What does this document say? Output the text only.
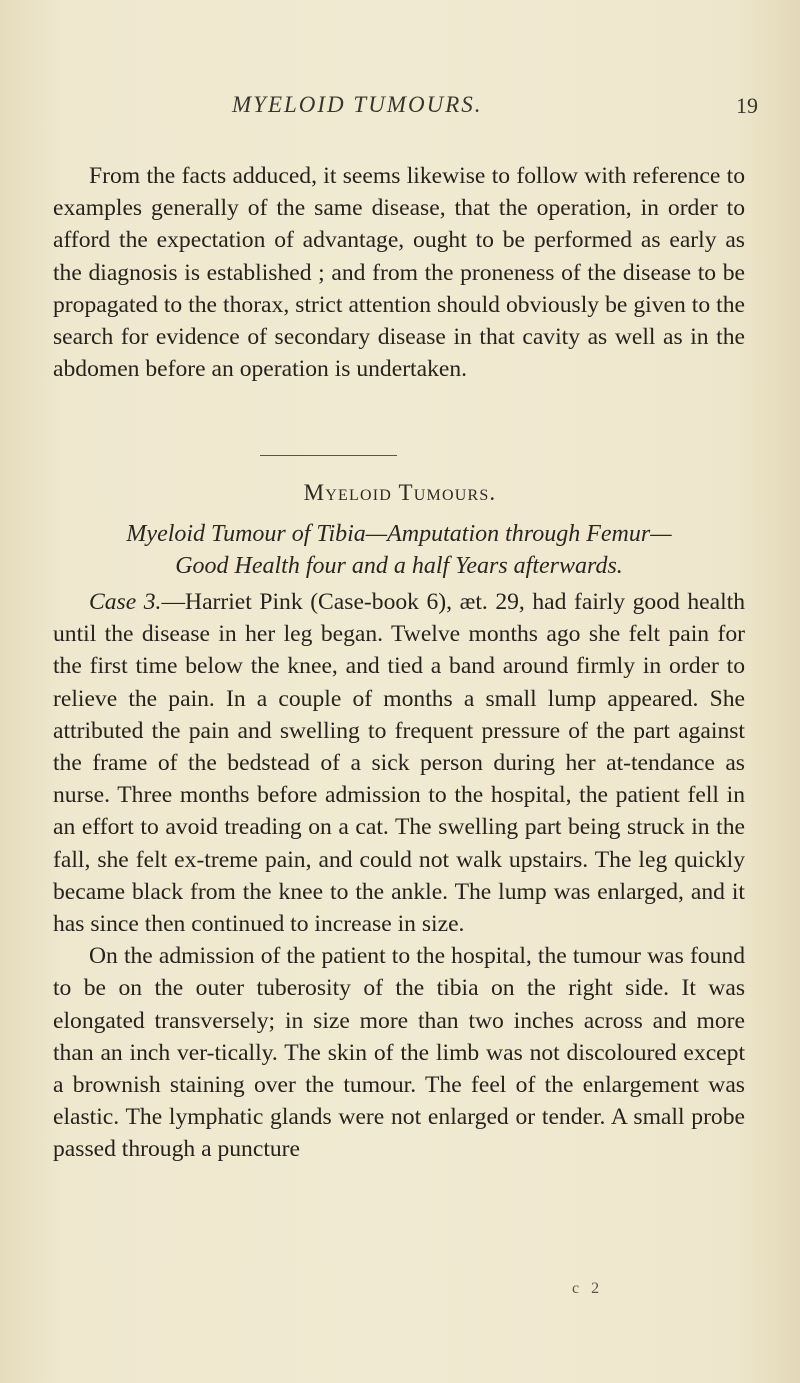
MYELOID TUMOURS.	19

From the facts adduced, it seems likewise to follow with reference to examples generally of the same disease, that the operation, in order to afford the expectation of advantage, ought to be performed as early as the diagnosis is established ; and from the proneness of the disease to be propagated to the thorax, strict attention should obviously be given to the search for evidence of secondary disease in that cavity as well as in the abdomen before an operation is undertaken.

Myeloid Tumours.
Myeloid Tumour of Tibia—Amputation through Femur—
Good Health four and a half Years afterwards.

Case 3.—Harriet Pink (Case-book 6), æt. 29, had fairly good health until the disease in her leg began. Twelve months ago she felt pain for the first time below the knee, and tied a band around firmly in order to relieve the pain. In a couple of months a small lump appeared. She attributed the pain and swelling to frequent pressure of the part against the frame of the bedstead of a sick person during her at-tendance as nurse. Three months before admission to the hospital, the patient fell in an effort to avoid treading on a cat. The swelling part being struck in the fall, she felt ex-treme pain, and could not walk upstairs. The leg quickly became black from the knee to the ankle. The lump was enlarged, and it has since then continued to increase in size.

On the admission of the patient to the hospital, the tumour was found to be on the outer tuberosity of the tibia on the right side. It was elongated transversely; in size more than two inches across and more than an inch ver-tically. The skin of the limb was not discoloured except a brownish staining over the tumour. The feel of the enlargement was elastic. The lymphatic glands were not enlarged or tender. A small probe passed through a puncture

c 2
